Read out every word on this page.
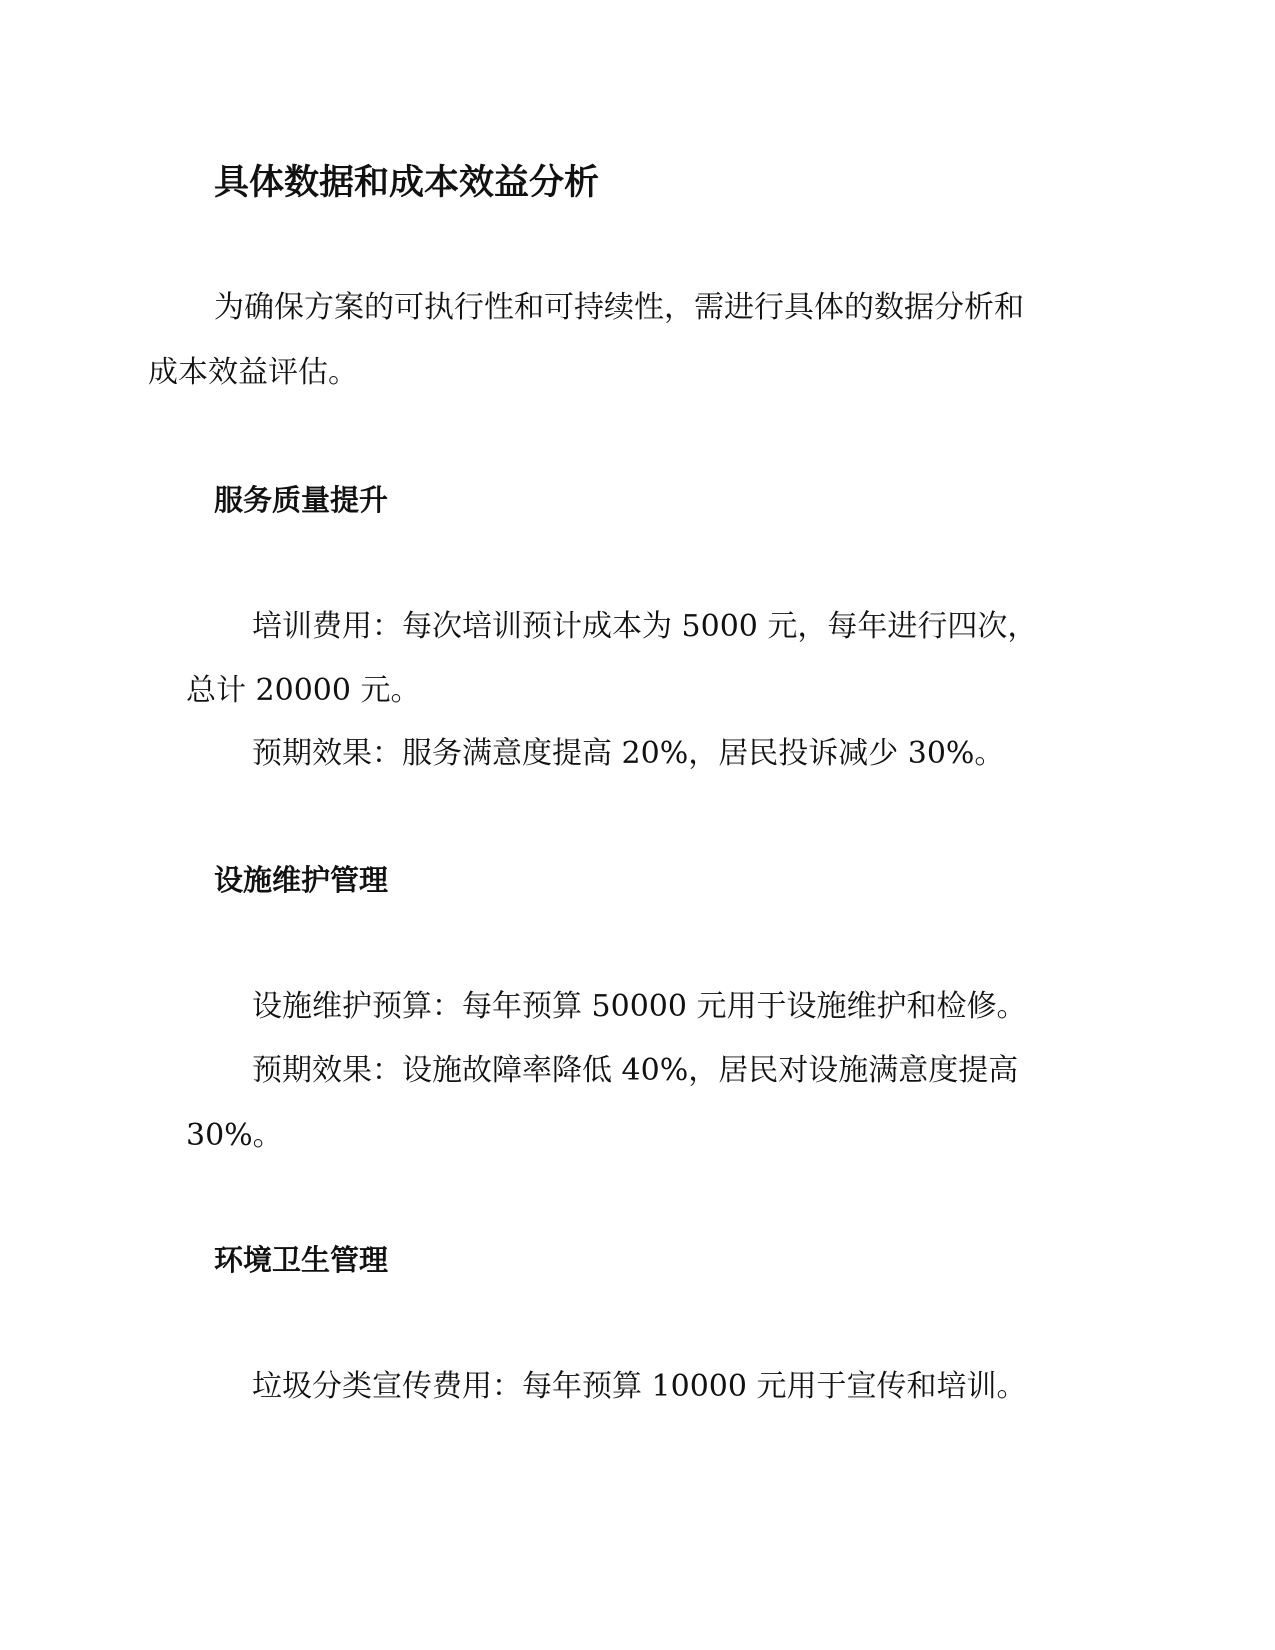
具体数据和成本效益分析

为确保方案的可执行性和可持续性，需进行具体的数据分析和

成本效益评估。

服务质量提升

培训费用：每次培训预计成本为 5000 元，每年进行四次，

总计 20000 元。

预期效果：服务满意度提高 20%，居民投诉减少 30%。

设施维护管理

设施维护预算：每年预算 50000 元用于设施维护和检修。

预期效果：设施故障率降低 40%，居民对设施满意度提高

30%。

环境卫生管理

垃圾分类宣传费用：每年预算 10000 元用于宣传和培训。
